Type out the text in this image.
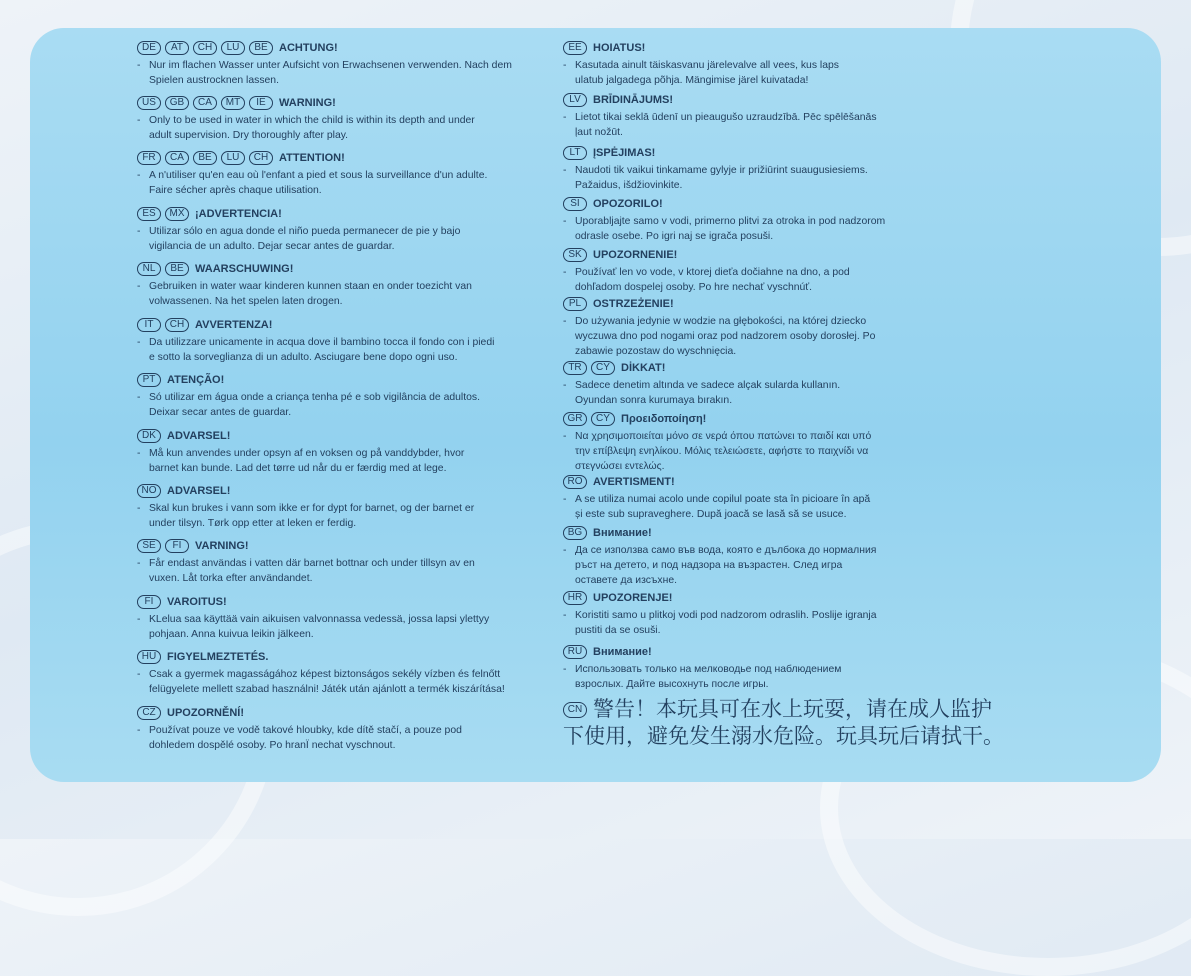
DE	AT	CH	LU	BE	ACHTUNG!
- Nur im flachen Wasser unter Aufsicht von Erwachsenen verwenden. Nach dem
Spielen austrocknen lassen.
US	GB	CA	MT	IE	WARNING!
- Only to be used in water in which the child is within its depth and under
adult supervision. Dry thoroughly after play.
FR	CA	BE	LU	CH ATTENTION!
- A n'utiliser qu'en eau où l'enfant a pied et sous la surveillance d'un adulte.
Faire sécher après chaque utilisation.
ES	MX ¡ADVERTENCIA!
- Utilizar sólo en agua donde el niño pueda permanecer de pie y bajo
vigilancia de un adulto. Dejar secar antes de guardar.
NL	BE	WAARSCHUWING!
- Gebruiken in water waar kinderen kunnen staan en onder toezicht van
volwassenen. Na het spelen laten drogen.
IT	CH AVVERTENZA!
- Da utilizzare unicamente in acqua dove il bambino tocca il fondo con i piedi
e sotto la sorveglianza di un adulto. Asciugare bene dopo ogni uso.
PT	ATENÇÃO!
- Só utilizar em água onde a criança tenha pé e sob vigilância de adultos.
Deixar secar antes de guardar.
DK	ADVARSEL!
- Må kun anvendes under opsyn af en voksen og på vanddybder, hvor
barnet kan bunde. Lad det tørre ud når du er færdig med at lege.
NO ADVARSEL!
- Skal kun brukes i vann som ikke er for dypt for barnet, og der barnet er
under tilsyn. Tørk opp etter at leken er ferdig.
SE	FI	VARNING!
- Får endast användas i vatten där barnet bottnar och under tillsyn av en
vuxen. Låt torka efter användandet.
FI	VAROITUS!
- KLelua saa käyttää vain aikuisen valvonnassa vedessä, jossa lapsi ylettyy
pohjaan. Anna kuivua leikin jälkeen.
HU FIGYELMEZTETÉS.
- Csak a gyermek magasságához képest biztonságos sekély vízben és felnőtt
felügyelete mellett szabad használni! Játék után ajánlott a termék kiszárítása!
CZ	UPOZORNĚNÍ!
- Používat pouze ve vodě takové hloubky, kde dítě stačí, a pouze pod
dohledem dospělé osoby. Po hranÏ nechat vyschnout.
EE	HOIATUS!
- Kasutada ainult täiskasvanu järelevalve all vees, kus laps
ulatub jalgadega põhja. Mängimise järel kuivatada!
LV	BRĪDINĀJUMS!
- Lietot tikai seklā ūdenī un pieaugušo uzraudzībā. Pēc spēlēšanās
ļaut nožūt.
LT	ĮSPĖJIMAS!
- Naudoti tik vaikui tinkamame gylyje ir prižiūrint suaugusiesiems.
Pažaidus, išdžiovinkite.
SI	OPOZORILO!
- Uporabljajte samo v vodi, primerno plitvi za otroka in pod nadzorom
odrasle osebe. Po igri naj se igrača posuši.
SK	UPOZORNENIE!
- Používať len vo vode, v ktorej dieťa dočiahne na dno, a pod
dohľadom dospelej osoby. Po hre nechať vyschnúť.
PL	OSTRZEŻENIE!
- Do używania jedynie w wodzie na głębokości, na której dziecko
wyczuwa dno pod nogami oraz pod nadzorem osoby dorosłej. Po
zabawie pozostaw do wyschnięcia.
TR	CY	DİKKAT!
- Sadece denetim altında ve sadece alçak sularda kullanın.
Oyundan sonra kurumaya bırakın.
GR	CY	Προειδοποίηση!
- Να χρησιμοποιείται μόνο σε νερά όπου πατώνει το παιδί και υπό
την επίβλεψη ενηλίκου. Μόλις τελειώσετε, αφήστε το παιχνίδι να
στεγνώσει εντελώς.
RO AVERTISMENT!
- A se utiliza numai acolo unde copilul poate sta în picioare în apă
și este sub supraveghere. După joacă se lasă să se usuce.
BG Внимание!
- Да се използва само във вода, която е дълбока до нормалния
ръст на детето, и под надзора на възрастен. След игра
оставете да изсъхне.
HR UPOZORENJE!
- Koristiti samo u plitkoj vodi pod nadzorom odraslih. Poslije igranja
pustiti da se osuši.
RU Внимание!
- Использовать только на мелководье под наблюдением
взрослых. Дайте высохнуть после игры.
CN 警告！本玩具可在水上玩耍，请在成人监护
下使用，避免发生溺水危险。玩具玩后请拭干。
